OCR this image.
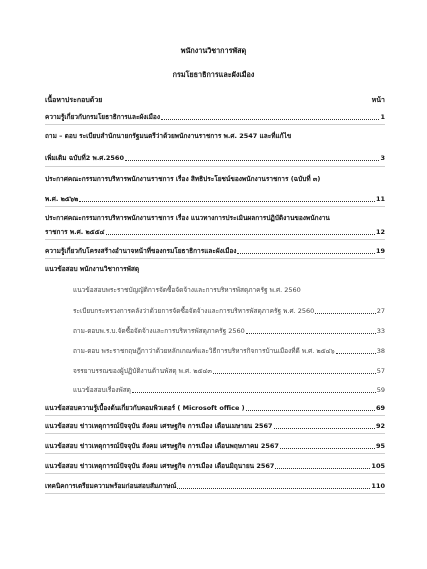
พนักงานวิชาการพัสดุ
กรมโยธาธิการและผังเมือง
เนื้อหาประกอบด้วย	หน้า
ความรู้เกี่ยวกับกรมโยธาธิการและผังเมือง	1
ถาม – ตอบ ระเบียบสำนักนายกรัฐมนตรีว่าด้วยพนักงานราชการ พ.ศ. 2547 และที่แก้ไข
เพิ่มเติม ฉบับที่2 พ.ศ.2560	3
ประกาศคณะกรรมการบริหารพนักงานราชการ เรื่อง สิทธิประโยชน์ของพนักงานราชการ (ฉบับที่ ๓)
พ.ศ. ๒๕๖๒	11
ประกาศคณะกรรมการบริหารพนักงานราชการ เรื่อง แนวทางการประเมินผลการปฏิบัติงานของพนักงาน
ราชการ พ.ศ. ๒๕๕๔	12
ความรู้เกี่ยวกับโครงสร้างอำนาจหน้าที่ของกรมโยธาธิการและผังเมือง	19
แนวข้อสอบ พนักงานวิชาการพัสดุ
แนวข้อสอบพระราชบัญญัติการจัดซื้อจัดจ้างและการบริหารพัสดุภาครัฐ พ.ศ. 2560
ระเบียบกระทรวงการคลังว่าด้วยการจัดซื้อจัดจ้างและการบริหารพัสดุภาครัฐ พ.ศ. 2560	27
ถาม-ตอบพ.ร.บ.จัดซื้อจัดจ้างและการบริหารพัสดุภาครัฐ 2560	33
ถาม-ตอบ พระราชกฤษฎีกาว่าด้วยหลักเกณฑ์และวิธีการบริหารกิจการบ้านเมืองที่ดี พ.ศ. ๒๕๔๖	38
จรรยาบรรณของผู้ปฏิบัติงานด้านพัสดุ พ.ศ. ๒๕๔๓	57
แนวข้อสอบเรื่องพัสดุ	59
แนวข้อสอบความรู้เบื้องต้นเกี่ยวกับคอมพิวเตอร์ ( Microsoft office )	69
แนวข้อสอบ ข่าวเหตุการณ์ปัจจุบัน สังคม เศรษฐกิจ การเมือง เดือนเมษายน 2567	92
แนวข้อสอบ ข่าวเหตุการณ์ปัจจุบัน สังคม เศรษฐกิจ การเมือง เดือนพฤษภาคม 2567	95
แนวข้อสอบ ข่าวเหตุการณ์ปัจจุบัน สังคม เศรษฐกิจ การเมือง เดือนมิถุนายน 2567	105
เทคนิคการเตรียมความพร้อมก่อนสอบสัมภาษณ์	110
